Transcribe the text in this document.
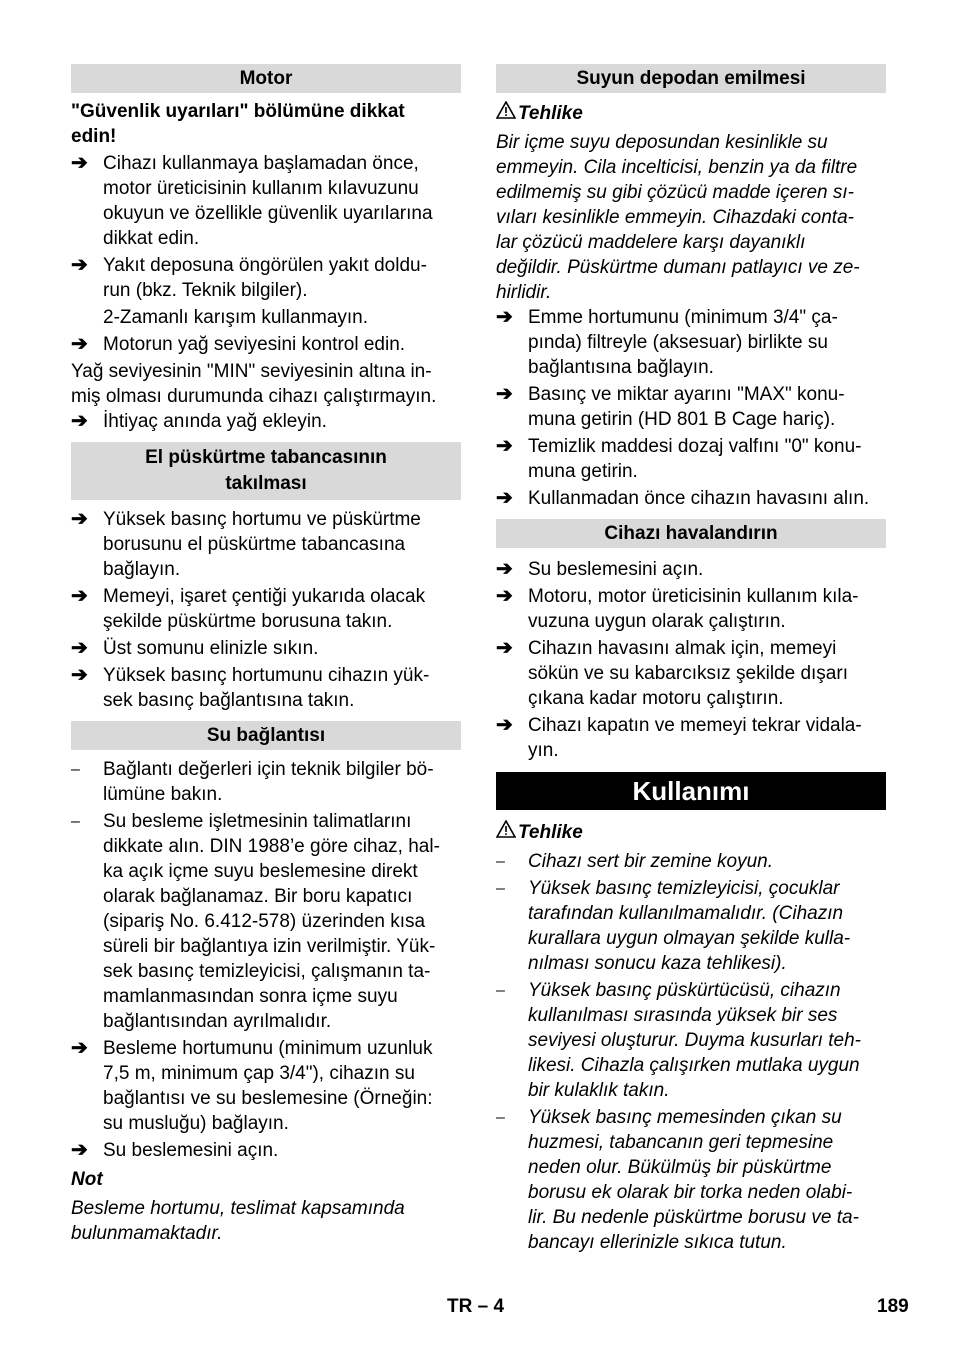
Motor
"Güvenlik uyarıları" bölümüne dikkat
edin!
➔ Cihazı kullanmaya başlamadan önce,
motor üreticisinin kullanım kılavuzunu
okuyun ve özellikle güvenlik uyarılarına
dikkat edin.
➔ Yakıt deposuna öngörülen yakıt doldu-
run (bkz. Teknik bilgiler).
2-Zamanlı karışım kullanmayın.
➔ Motorun yağ seviyesini kontrol edin.
Yağ seviyesinin "MIN" seviyesinin altına in-
miş olması durumunda cihazı çalıştırmayın.
➔ İhtiyaç anında yağ ekleyin.
El püskürtme tabancasının
takılması
➔ Yüksek basınç hortumu ve püskürtme
borusunu el püskürtme tabancasına
bağlayın.
➔ Memeyi, işaret çentiği yukarıda olacak
şekilde püskürtme borusuna takın.
➔ Üst somunu elinizle sıkın.
➔ Yüksek basınç hortumunu cihazın yük-
sek basınç bağlantısına takın.
Su bağlantısı
–	Bağlantı değerleri için teknik bilgiler bö-
lümüne bakın.
–	Su besleme işletmesinin talimatlarını
dikkate alın. DIN 1988’e göre cihaz, hal-
ka açık içme suyu beslemesine direkt
olarak bağlanamaz. Bir boru kapatıcı
(sipariş No. 6.412-578) üzerinden kısa
süreli bir bağlantıya izin verilmiştir. Yük-
sek basınç temizleyicisi, çalışmanın ta-
mamlanmasından sonra içme suyu
bağlantısından ayrılmalıdır.
➔ Besleme hortumunu (minimum uzunluk
7,5 m, minimum çap 3/4"), cihazın su
bağlantısı ve su beslemesine (Örneğin:
su musluğu) bağlayın.
➔ Su beslemesini açın.
Not
Besleme hortumu, teslimat kapsamında
bulunmamaktadır.
Suyun depodan emilmesi
Tehlike
Bir içme suyu deposundan kesinlikle su
emmeyin. Cila incelticisi, benzin ya da filtre
edilmemiş su gibi çözücü madde içeren sı-
vıları kesinlikle emmeyin. Cihazdaki conta-
lar çözücü maddelere karşı dayanıklı
değildir. Püskürtme dumanı patlayıcı ve ze-
hirlidir.
➔ Emme hortumunu (minimum 3/4" ça-
pında) filtreyle (aksesuar) birlikte su
bağlantısına bağlayın.
➔ Basınç ve miktar ayarını "MAX" konu-
muna getirin (HD 801 B Cage hariç).
➔ Temizlik maddesi dozaj valfını "0" konu-
muna getirin.
➔ Kullanmadan önce cihazın havasını alın.
Cihazı havalandırın
➔ Su beslemesini açın.
➔ Motoru, motor üreticisinin kullanım kıla-
vuzuna uygun olarak çalıştırın.
➔ Cihazın havasını almak için, memeyi
sökün ve su kabarcıksız şekilde dışarı
çıkana kadar motoru çalıştırın.
➔ Cihazı kapatın ve memeyi tekrar vidala-
yın.
Kullanımı
Tehlike
–	Cihazı sert bir zemine koyun.
–	Yüksek basınç temizleyicisi, çocuklar
tarafından kullanılmamalıdır. (Cihazın
kurallara uygun olmayan şekilde kulla-
nılması sonucu kaza tehlikesi).
–	Yüksek basınç püskürtücüsü, cihazın
kullanılması sırasında yüksek bir ses
seviyesi oluşturur. Duyma kusurları teh-
likesi. Cihazla çalışırken mutlaka uygun
bir kulaklık takın.
–	Yüksek basınç memesinden çıkan su
huzmesi, tabancanın geri tepmesine
neden olur. Bükülmüş bir püskürtme
borusu ek olarak bir torka neden olabi-
lir. Bu nedenle püskürtme borusu ve ta-
bancayı ellerinizle sıkıca tutun.
TR – 4	189
